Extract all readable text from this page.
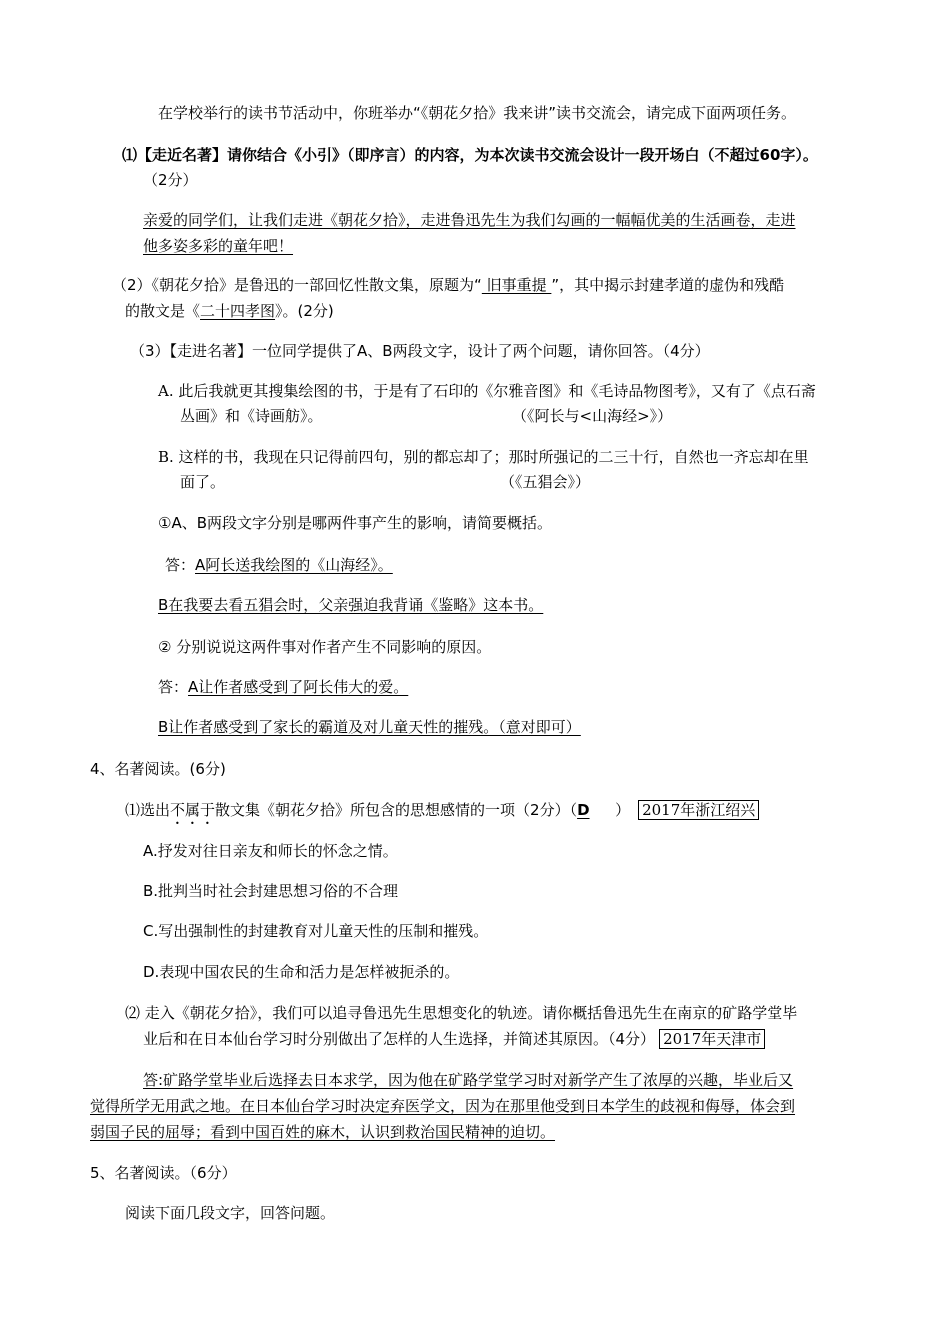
在学校举行的读书节活动中，你班举办“《朝花夕拾》我来讲”读书交流会，请完成下面两项任务。
⑴【走近名著】请你结合《小引》（即序言）的内容，为本次读书交流会设计一段开场白（不超过60字）。
（2分）
亲爱的同学们，让我们走进《朝花夕拾》，走进鲁迅先生为我们勾画的一幅幅优美的生活画卷，走进
他多姿多彩的童年吧！
（2）《朝花夕拾》是鲁迅的一部回忆性散文集，原题为“ 旧事重提 ”，其中揭示封建孝道的虚伪和残酷
的散文是《二十四孝图》。(2分)
（3）【走进名著】一位同学提供了A、B两段文字，设计了两个问题，请你回答。（4分）
A. 此后我就更其搜集绘图的书，于是有了石印的《尔雅音图》和《毛诗品物图考》，又有了《点石斋
丛画》和《诗画舫》。	（《阿长与<山海经>》）
B. 这样的书，我现在只记得前四句，别的都忘却了；那时所强记的二三十行，自然也一齐忘却在里
面了。	（《五猖会》）
①A、B两段文字分别是哪两件事产生的影响，请简要概括。
答：A阿长送我绘图的《山海经》。
B在我要去看五猖会时，父亲强迫我背诵《鉴略》这本书。
② 分别说说这两件事对作者产生不同影响的原因。
答：A让作者感受到了阿长伟大的爱。
B让作者感受到了家长的霸道及对儿童天性的摧残。（意对即可）
4、名著阅读。(6分)
⑴选出不属于散文集《朝花夕拾》所包含的思想感情的一项（2分）（D ） 2017年浙江绍兴
A.抒发对往日亲友和师长的怀念之情。
B.批判当时社会封建思想习俗的不合理
C.写出强制性的封建教育对儿童天性的压制和摧残。
D.表现中国农民的生命和活力是怎样被扼杀的。
⑵ 走入《朝花夕拾》，我们可以追寻鲁迅先生思想变化的轨迹。请你概括鲁迅先生在南京的矿路学堂毕
业后和在日本仙台学习时分别做出了怎样的人生选择，并简述其原因。（4分） 2017年天津市
答:矿路学堂毕业后选择去日本求学，因为他在矿路学堂学习时对新学产生了浓厚的兴趣，毕业后又
觉得所学无用武之地。在日本仙台学习时决定弃医学文，因为在那里他受到日本学生的歧视和侮辱，体会到
弱国子民的屈辱；看到中国百姓的麻木，认识到救治国民精神的迫切。
5、名著阅读。（6分）
阅读下面几段文字，回答问题。
